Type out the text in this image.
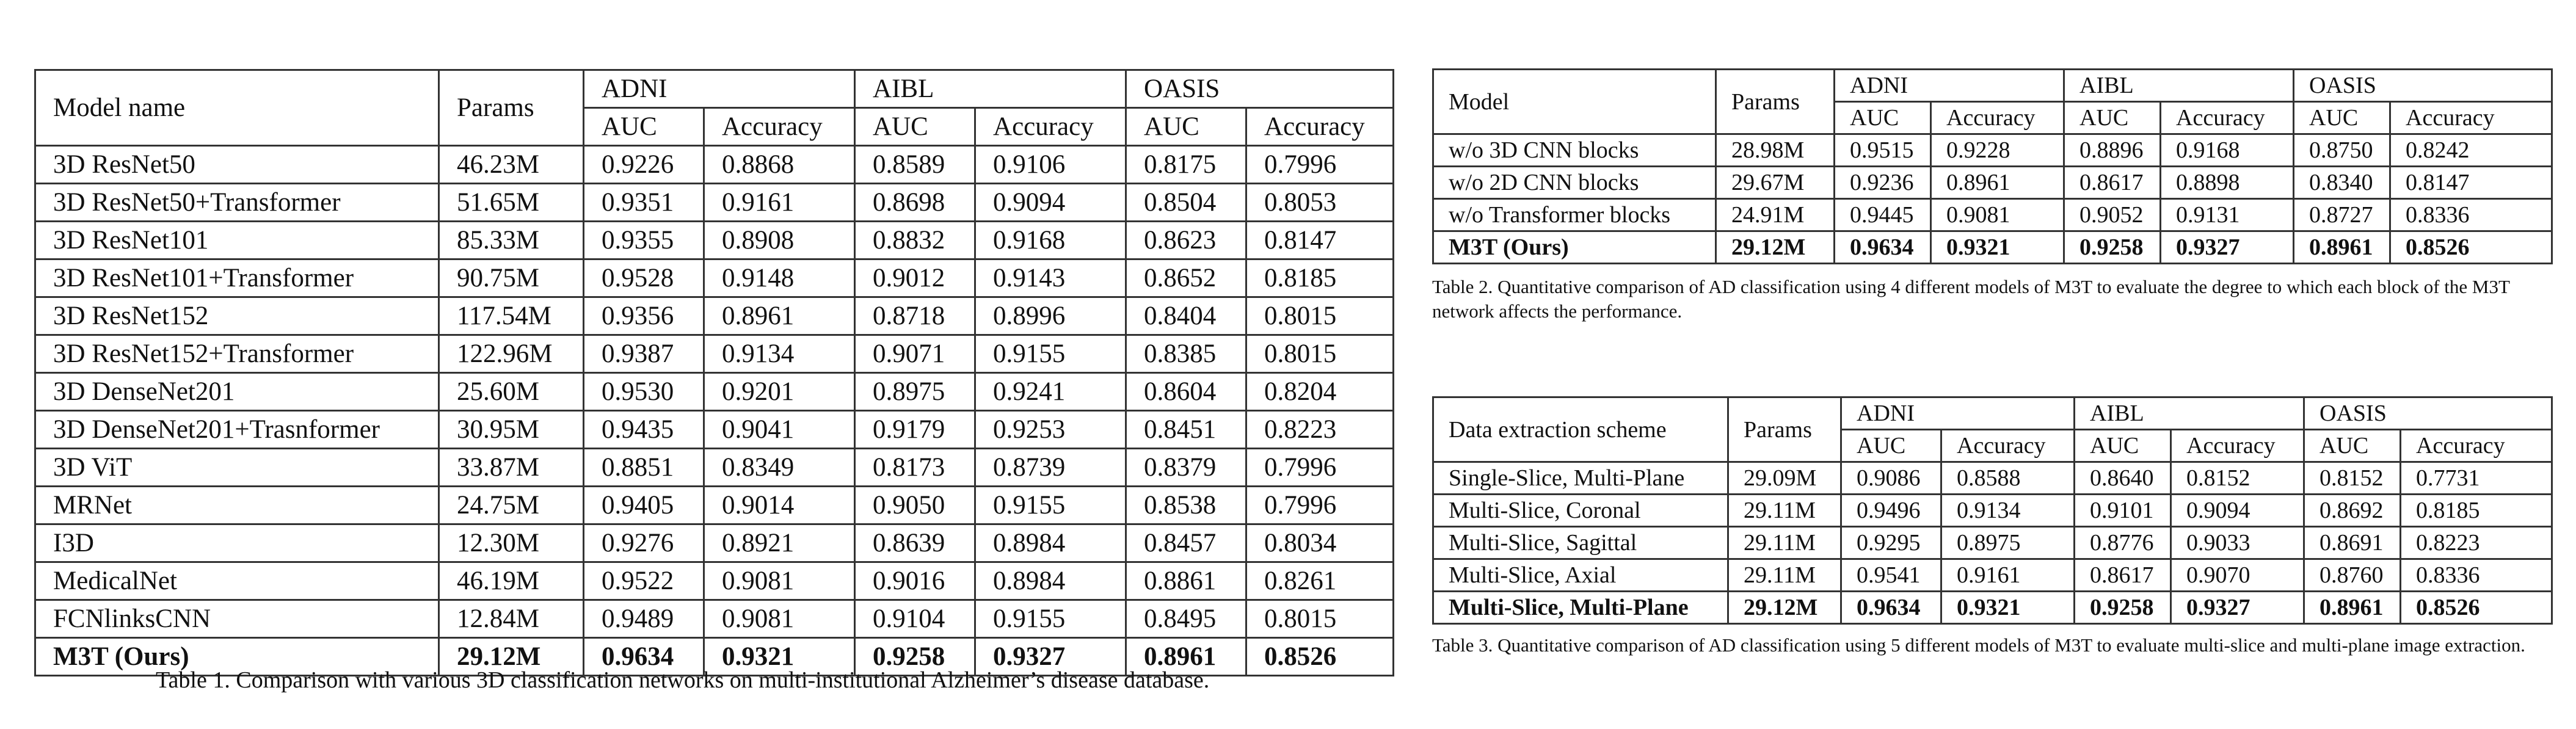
Model name	Params	ADNI		AIBL		OASIS	
		AUC	Accuracy	AUC	Accuracy	AUC	Accuracy
3D ResNet50	46.23M	0.9226	0.8868	0.8589	0.9106	0.8175	0.7996
3D ResNet50+Transformer	51.65M	0.9351	0.9161	0.8698	0.9094	0.8504	0.8053
3D ResNet101	85.33M	0.9355	0.8908	0.8832	0.9168	0.8623	0.8147
3D ResNet101+Transformer	90.75M	0.9528	0.9148	0.9012	0.9143	0.8652	0.8185
3D ResNet152	117.54M	0.9356	0.8961	0.8718	0.8996	0.8404	0.8015
3D ResNet152+Transformer	122.96M	0.9387	0.9134	0.9071	0.9155	0.8385	0.8015
3D DenseNet201	25.60M	0.9530	0.9201	0.8975	0.9241	0.8604	0.8204
3D DenseNet201+Trasnformer	30.95M	0.9435	0.9041	0.9179	0.9253	0.8451	0.8223
3D ViT	33.87M	0.8851	0.8349	0.8173	0.8739	0.8379	0.7996
MRNet	24.75M	0.9405	0.9014	0.9050	0.9155	0.8538	0.7996
I3D	12.30M	0.9276	0.8921	0.8639	0.8984	0.8457	0.8034
MedicalNet	46.19M	0.9522	0.9081	0.9016	0.8984	0.8861	0.8261
FCNlinksCNN	12.84M	0.9489	0.9081	0.9104	0.9155	0.8495	0.8015
M3T (Ours)	29.12M	0.9634	0.9321	0.9258	0.9327	0.8961	0.8526
Table 1. Comparison with various 3D classification networks on multi-institutional Alzheimer’s disease database.
Model	Params	ADNI		AIBL		OASIS	
		AUC	Accuracy	AUC	Accuracy	AUC	Accuracy
w/o 3D CNN blocks	28.98M	0.9515	0.9228	0.8896	0.9168	0.8750	0.8242
w/o 2D CNN blocks	29.67M	0.9236	0.8961	0.8617	0.8898	0.8340	0.8147
w/o Transformer blocks	24.91M	0.9445	0.9081	0.9052	0.9131	0.8727	0.8336
M3T (Ours)	29.12M	0.9634	0.9321	0.9258	0.9327	0.8961	0.8526
Table 2. Quantitative comparison of AD classification using 4 different models of M3T to evaluate the degree to which each block of the M3T network affects the performance.
Data extraction scheme	Params	ADNI		AIBL		OASIS	
		AUC	Accuracy	AUC	Accuracy	AUC	Accuracy
Single-Slice, Multi-Plane	29.09M	0.9086	0.8588	0.8640	0.8152	0.8152	0.7731
Multi-Slice, Coronal	29.11M	0.9496	0.9134	0.9101	0.9094	0.8692	0.8185
Multi-Slice, Sagittal	29.11M	0.9295	0.8975	0.8776	0.9033	0.8691	0.8223
Multi-Slice, Axial	29.11M	0.9541	0.9161	0.8617	0.9070	0.8760	0.8336
Multi-Slice, Multi-Plane	29.12M	0.9634	0.9321	0.9258	0.9327	0.8961	0.8526
Table 3. Quantitative comparison of AD classification using 5 different models of M3T to evaluate multi-slice and multi-plane image extraction.
